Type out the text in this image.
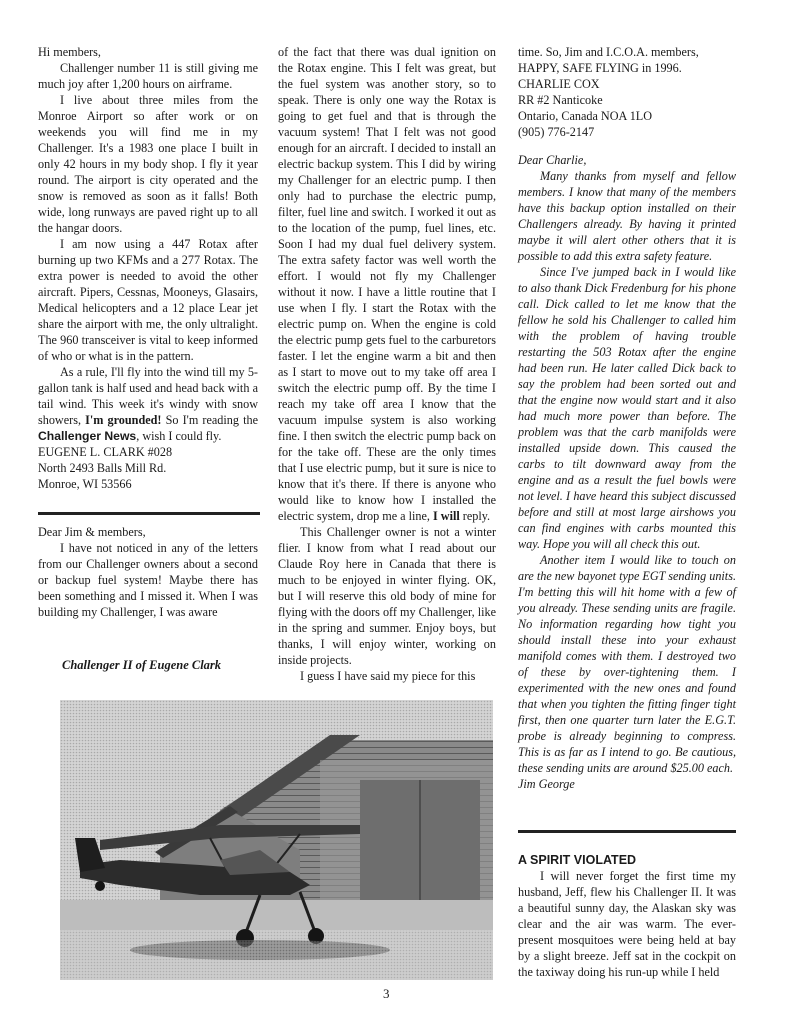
Hi members,

Challenger number 11 is still giving me much joy after 1,200 hours on airframe.

I live about three miles from the Monroe Airport so after work or on weekends you will find me in my Challenger. It's a 1983 one place I built in only 42 hours in my body shop. I fly it year round. The airport is city operated and the snow is removed as soon as it falls! Both wide, long runways are paved right up to all the hangar doors.

I am now using a 447 Rotax after burning up two KFMs and a 277 Rotax. The extra power is needed to avoid the other aircraft. Pipers, Cessnas, Mooneys, Glasairs, Medical helicopters and a 12 place Lear jet share the airport with me, the only ultralight. The 960 transceiver is vital to keep informed of who or what is in the pattern.

As a rule, I'll fly into the wind till my 5-gallon tank is half used and head back with a tail wind. This week it's windy with snow showers, I'm grounded! So I'm reading the Challenger News, wish I could fly.

EUGENE L. CLARK #028

North 2493 Balls Mill Rd.

Monroe, WI 53566

Dear Jim & members,

I have not noticed in any of the letters from our Challenger owners about a second or backup fuel system! Maybe there has been something and I missed it. When I was building my Challenger, I was aware

Challenger II of Eugene Clark

of the fact that there was dual ignition on the Rotax engine. This I felt was great, but the fuel system was another story, so to speak. There is only one way the Rotax is going to get fuel and that is through the vacuum system! That I felt was not good enough for an aircraft. I decided to install an electric backup system. This I did by wiring my Challenger for an electric pump. I then only had to purchase the electric pump, filter, fuel line and switch. I worked it out as to the location of the pump, fuel lines, etc. Soon I had my dual fuel delivery system. The extra safety factor was well worth the effort. I would not fly my Challenger without it now. I have a little routine that I use when I fly. I start the Rotax with the electric pump on. When the engine is cold the electric pump gets fuel to the carburetors faster. I let the engine warm a bit and then as I start to move out to my take off area I switch the electric pump off. By the time I reach my take off area I know that the vacuum impulse system is also working fine. I then switch the electric pump back on for the take off. These are the only times that I use electric pump, but it sure is nice to know that it's there. If there is anyone who would like to know how I installed the electric system, drop me a line, I will reply.

This Challenger owner is not a winter flier. I know from what I read about our Claude Roy here in Canada that there is much to be enjoyed in winter flying. OK, but I will reserve this old body of mine for flying with the doors off my Challenger, like in the spring and summer. Enjoy boys, but thanks, I will enjoy winter, working on inside projects.

I guess I have said my piece for this

time. So, Jim and I.C.O.A. members, HAPPY, SAFE FLYING in 1996.

CHARLIE COX

RR #2 Nanticoke

Ontario, Canada NOA 1LO

(905) 776-2147

Dear Charlie,

Many thanks from myself and fellow members. I know that many of the members have this backup option installed on their Challengers already. By having it printed maybe it will alert other others that it is possible to add this extra safety feature.

Since I've jumped back in I would like to also thank Dick Fredenburg for his phone call. Dick called to let me know that the fellow he sold his Challenger to called him with the problem of having trouble restarting the 503 Rotax after the engine had been run. He later called Dick back to say the problem had been sorted out and that the engine now would start and it also had much more power than before. The problem was that the carb manifolds were installed upside down. This caused the carbs to tilt downward away from the engine and as a result the fuel bowls were not level. I have heard this subject discussed before and still at most large airshows you can find engines with carbs mounted this way. Hope you will all check this out.

Another item I would like to touch on are the new bayonet type EGT sending units. I'm betting this will hit home with a few of you already. These sending units are fragile. No information regarding how tight you should install these into your exhaust manifold comes with them. I destroyed two of these by over-tightening them. I experimented with the new ones and found that when you tighten the fitting finger tight first, then one quarter turn later the E.G.T. probe is already beginning to compress. This is as far as I intend to go. Be cautious, these sending units are around $25.00 each.

Jim George

A SPIRIT VIOLATED

I will never forget the first time my husband, Jeff, flew his Challenger II. It was a beautiful sunny day, the Alaskan sky was clear and the air was warm. The ever-present mosquitoes were being held at bay by a slight breeze. Jeff sat in the cockpit on the taxiway doing his run-up while I held

3
